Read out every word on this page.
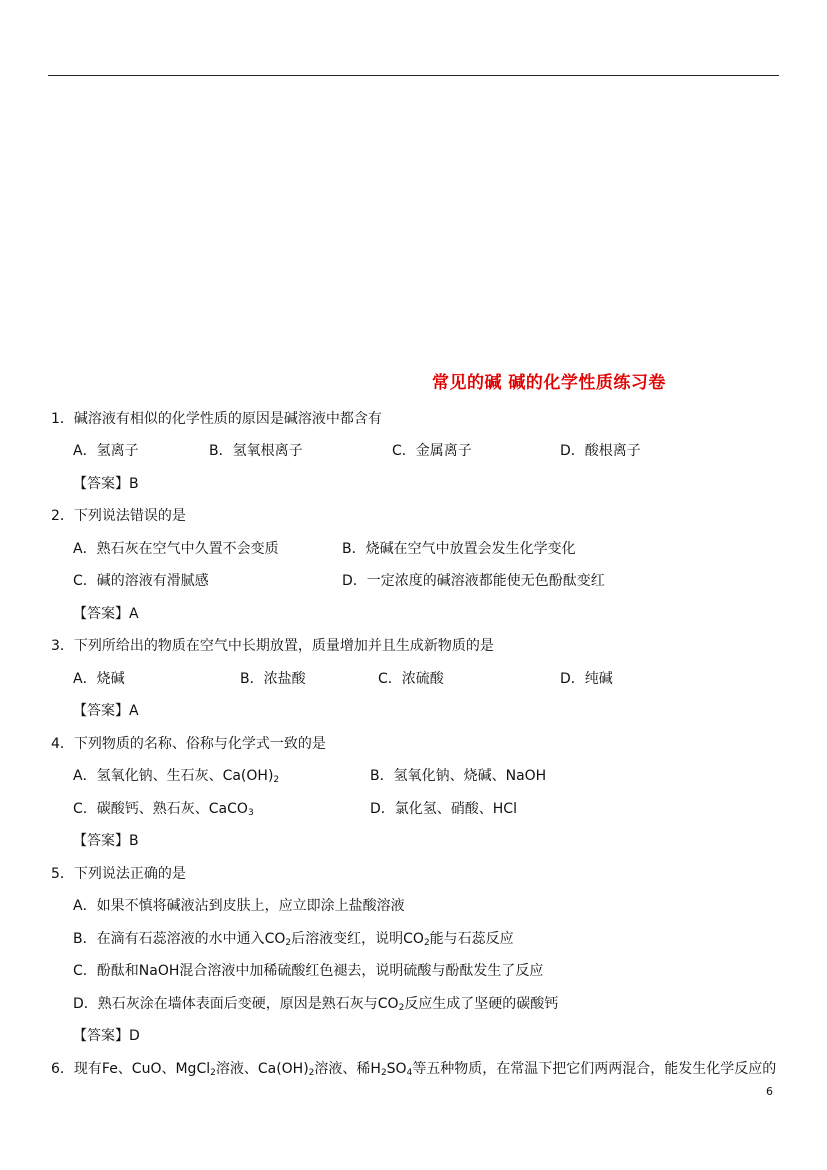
常见的碱 碱的化学性质练习卷
1．碱溶液有相似的化学性质的原因是碱溶液中都含有
A．氢离子	B．氢氧根离子	C．金属离子	D．酸根离子
【答案】B
2．下列说法错误的是
A．熟石灰在空气中久置不会变质	B．烧碱在空气中放置会发生化学变化
C．碱的溶液有滑腻感	D．一定浓度的碱溶液都能使无色酚酞变红
【答案】A
3．下列所给出的物质在空气中长期放置，质量增加并且生成新物质的是
A．烧碱	B．浓盐酸	C．浓硫酸	D．纯碱
【答案】A
4．下列物质的名称、俗称与化学式一致的是
A．氢氧化钠、生石灰、$Ca(OH)_2$	B．氢氧化钠、烧碱、NaOH
C．碳酸钙、熟石灰、CaCO$_3$	D．氯化氢、硝酸、HCl
【答案】B
5．下列说法正确的是
A．如果不慎将碱液沾到皮肤上，应立即涂上盐酸溶液
B．在滴有石蕊溶液的水中通入$CO_2$后溶液变红，说明$CO_2$能与石蕊反应
C．酚酞和NaOH混合溶液中加稀硫酸红色褪去，说明硫酸与酚酞发生了反应
D．熟石灰涂在墙体表面后变硬，原因是熟石灰与$CO_2$反应生成了坚硬的碳酸钙
【答案】D
6．现有Fe、CuO、MgCl$_2$溶液、$Ca(OH)_2$溶液、稀$H_2SO_4$等五种物质，在常温下把它们两两混合，能发生化学反应的
6
